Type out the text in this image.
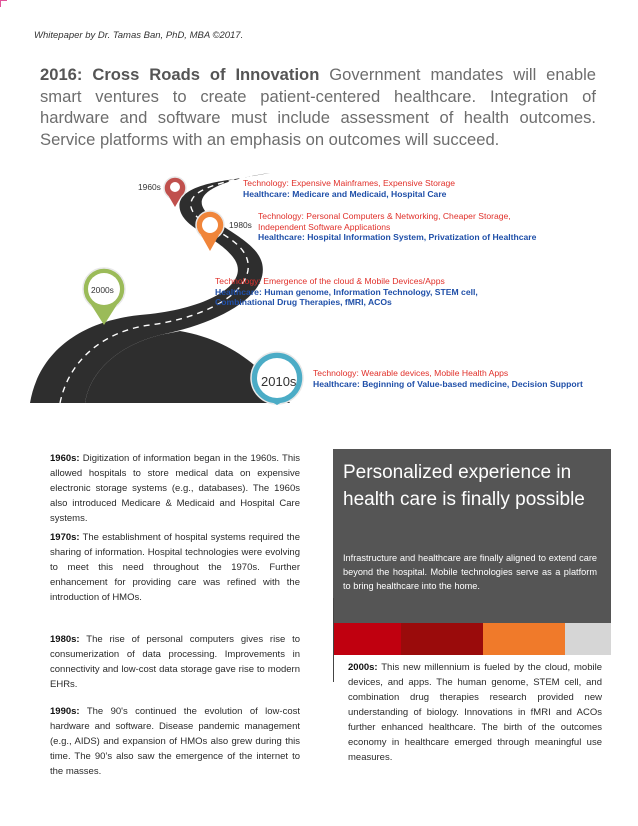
Whitepaper by Dr. Tamas Ban, PhD, MBA ©2017.
2016: Cross Roads of Innovation Government mandates will enable smart ventures to create patient-centered healthcare. Integration of hardware and software must include assessment of health outcomes. Service platforms with an emphasis on outcomes will succeed.
1960s
1980s
2000s
2010s
Technology: Expensive Mainframes, Expensive Storage
Healthcare: Medicare and Medicaid, Hospital Care
Technology: Personal Computers & Networking, Cheaper Storage,
Independent Software Applications
Healthcare: Hospital Information System, Privatization of Healthcare
Technology: Emergence of the cloud & Mobile Devices/Apps
Healthcare: Human genome, Information Technology, STEM cell,
Combinational Drug Therapies, fMRI, ACOs
Technology: Wearable devices, Mobile Health Apps
Healthcare: Beginning of Value-based medicine, Decision Support

1960s: Digitization of information began in the 1960s. This allowed hospitals to store medical data on expensive electronic storage systems (e.g., databases). The 1960s also introduced Medicare & Medicaid and Hospital Care systems.

1970s: The establishment of hospital systems required the sharing of information. Hospital technologies were evolving to meet this need throughout the 1970s. Further enhancement for providing care was refined with the introduction of HMOs.

1980s: The rise of personal computers gives rise to consumerization of data processing. Improvements in connectivity and low-cost data storage gave rise to modern EHRs.

1990s: The 90's continued the evolution of low-cost hardware and software. Disease pandemic management (e.g., AIDS) and expansion of HMOs also grew during this time. The 90’s also saw the emergence of the internet to the masses.

Personalized experience in health care is finally possible
Infrastructure and healthcare are finally aligned to extend care beyond the hospital. Mobile technologies serve as a platform to bring healthcare into the home.

2000s: This new millennium is fueled by the cloud, mobile devices, and apps. The human genome, STEM cell, and combination drug therapies research provided new understanding of biology. Innovations in fMRI and ACOs further enhanced healthcare. The birth of the outcomes economy in healthcare emerged through meaningful use measures.
